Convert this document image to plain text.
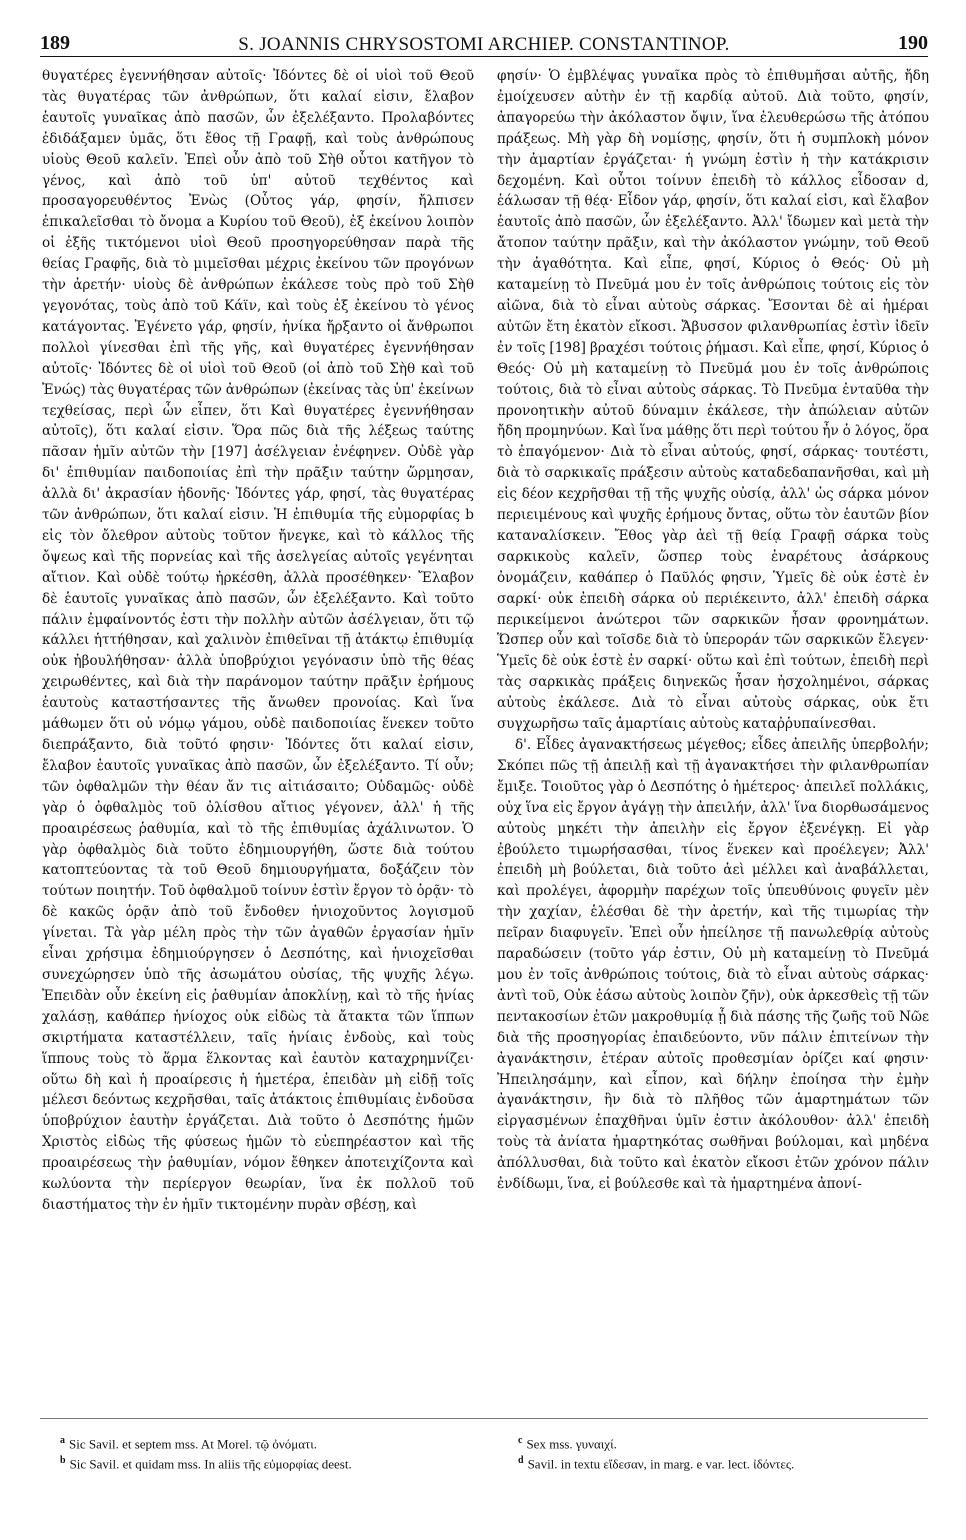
189	S. JOANNIS CHRYSOSTOMI ARCHIEP. CONSTANTINOP.	190

θυγατέρες ἐγεννήθησαν αὐτοῖς· Ἰδόντες δὲ οἱ υἱοὶ τοῦ Θεοῦ τὰς θυγατέρας τῶν ἀνθρώπων, ὅτι καλαί εἰσιν, ἔλαβον ἑαυτοῖς γυναῖκας ἀπὸ πασῶν, ὧν ἐξελέξαντο. Προλαβόντες ἐδιδάξαμεν ὑμᾶς, ὅτι ἔθος τῇ Γραφῇ, καὶ τοὺς ἀνθρώπους υἱοὺς Θεοῦ καλεῖν. Ἐπεὶ οὖν ἀπὸ τοῦ Σὴθ οὗτοι κατῆγον τὸ γένος, καὶ ἀπὸ τοῦ ὑπ' αὐτοῦ τεχθέντος καὶ προσαγορευθέντος Ἐνὼς (Οὗτος γάρ, φησίν, ἤλπισεν ἐπικαλεῖσθαι τὸ ὄνομα a Κυρίου τοῦ Θεοῦ), ἐξ ἐκείνου λοιπὸν οἱ ἐξῆς τικτόμενοι υἱοὶ Θεοῦ προσηγορεύθησαν παρὰ τῆς θείας Γραφῆς, διὰ τὸ μιμεῖσθαι μέχρις ἐκείνου τῶν προγόνων τὴν ἀρετήν· υἱοὺς δὲ ἀνθρώπων ἐκάλεσε τοὺς πρὸ τοῦ Σὴθ γεγονότας, τοὺς ἀπὸ τοῦ Κάϊν, καὶ τοὺς ἐξ ἐκείνου τὸ γένος κατάγοντας. Ἐγένετο γάρ, φησίν, ἡνίκα ἤρξαντο οἱ ἄνθρωποι πολλοὶ γίνεσθαι ἐπὶ τῆς γῆς, καὶ θυγατέρες ἐγεννήθησαν αὐτοῖς· Ἰδόντες δὲ οἱ υἱοὶ τοῦ Θεοῦ (οἱ ἀπὸ τοῦ Σὴθ καὶ τοῦ Ἐνώς) τὰς θυγατέρας τῶν ἀνθρώπων (ἐκείνας τὰς ὑπ' ἐκείνων τεχθείσας, περὶ ὧν εἶπεν, ὅτι Καὶ θυγατέρες ἐγεννήθησαν αὐτοῖς), ὅτι καλαί εἰσιν. Ὅρα πῶς διὰ τῆς λέξεως ταύτης πᾶσαν ἡμῖν αὐτῶν τὴν [197] ἀσέλγειαν ἐνέφηνεν. Οὐδὲ γὰρ δι' ἐπιθυμίαν παιδοποιίας ἐπὶ τὴν πρᾶξιν ταύτην ὥρμησαν, ἀλλὰ δι' ἀκρασίαν ἡδονῆς· Ἰδόντες γάρ, φησί, τὰς θυγατέρας τῶν ἀνθρώπων, ὅτι καλαί εἰσιν. Ἡ ἐπιθυμία τῆς εὐμορφίας b εἰς τὸν ὄλεθρον αὐτοὺς τοῦτον ἤνεγκε, καὶ τὸ κάλλος τῆς ὄψεως καὶ τῆς πορνείας καὶ τῆς ἀσελγείας αὐτοῖς γεγένηται αἴτιον. Καὶ οὐδὲ τούτῳ ἠρκέσθη, ἀλλὰ προσέθηκεν· Ἔλαβον δὲ ἑαυτοῖς γυναῖκας ἀπὸ πασῶν, ὧν ἐξελέξαντο. Καὶ τοῦτο πάλιν ἐμφαίνοντός ἐστι τὴν πολλὴν αὐτῶν ἀσέλγειαν, ὅτι τῷ κάλλει ἡττήθησαν, καὶ χαλινὸν ἐπιθεῖναι τῇ ἀτάκτῳ ἐπιθυμίᾳ οὐκ ἠβουλήθησαν· ἀλλὰ ὑποβρύχιοι γεγόνασιν ὑπὸ τῆς θέας χειρωθέντες, καὶ διὰ τὴν παράνομον ταύτην πρᾶξιν ἐρήμους ἑαυτοὺς καταστήσαντες τῆς ἄνωθεν προνοίας. Καὶ ἵνα μάθωμεν ὅτι οὐ νόμῳ γάμου, οὐδὲ παιδοποιίας ἕνεκεν τοῦτο διεπράξαντο, διὰ τοῦτό φησιν· Ἰδόντες ὅτι καλαί εἰσιν, ἔλαβον ἑαυτοῖς γυναῖκας ἀπὸ πασῶν, ὧν ἐξελέξαντο. Τί οὖν; τῶν ὀφθαλμῶν τὴν θέαν ἄν τις αἰτιάσαιτο; Οὐδαμῶς· οὐδὲ γὰρ ὁ ὀφθαλμὸς τοῦ ὀλίσθου αἴτιος γέγονεν, ἀλλ' ἡ τῆς προαιρέσεως ῥαθυμία, καὶ τὸ τῆς ἐπιθυμίας ἀχάλινωτον. Ὁ γὰρ ὀφθαλμὸς διὰ τοῦτο ἐδημιουργήθη, ὥστε διὰ τούτου κατοπτεύοντας τὰ τοῦ Θεοῦ δημιουργήματα, δοξάζειν τὸν τούτων ποιητήν. Τοῦ ὀφθαλμοῦ τοίνυν ἐστὶν ἔργον τὸ ὁρᾷν· τὸ δὲ κακῶς ὁρᾷν ἀπὸ τοῦ ἔνδοθεν ἡνιοχοῦντος λογισμοῦ γίνεται. Τὰ γὰρ μέλη πρὸς τὴν τῶν ἀγαθῶν ἐργασίαν ἡμῖν εἶναι χρήσιμα ἐδημιούργησεν ὁ Δεσπότης, καὶ ἡνιοχεῖσθαι συνεχώρησεν ὑπὸ τῆς ἀσωμάτου οὐσίας, τῆς ψυχῆς λέγω. Ἐπειδὰν οὖν ἐκείνη εἰς ῥαθυμίαν ἀποκλίνῃ, καὶ τὸ τῆς ἡνίας χαλάσῃ, καθάπερ ἡνίοχος οὐκ εἰδὼς τὰ ἄτακτα τῶν ἵππων σκιρτήματα καταστέλλειν, ταῖς ἡνίαις ἐνδοὺς, καὶ τοὺς ἵππους τοὺς τὸ ἅρμα ἕλκοντας καὶ ἑαυτὸν καταχρημνίζει· οὕτω δὴ καὶ ἡ προαίρεσις ἡ ἡμετέρα, ἐπειδὰν μὴ εἰδῇ τοῖς μέλεσι δεόντως κεχρῆσθαι, ταῖς ἀτάκτοις ἐπιθυμίαις ἐνδοῦσα ὑποβρύχιον ἑαυτὴν ἐργάζεται. Διὰ τοῦτο ὁ Δεσπότης ἡμῶν Χριστὸς εἰδὼς τῆς φύσεως ἡμῶν τὸ εὐεπηρέαστον καὶ τῆς προαιρέσεως τὴν ῥαθυμίαν, νόμον ἔθηκεν ἀποτειχίζοντα καὶ κωλύοντα τὴν περίεργον θεωρίαν, ἵνα ἐκ πολλοῦ τοῦ διαστήματος τὴν ἐν ἡμῖν τικτομένην πυρὰν σβέσῃ, καὶ

φησίν· Ὁ ἐμβλέψας γυναῖκα πρὸς τὸ ἐπιθυμῆσαι αὐτῆς, ἤδη ἐμοίχευσεν αὐτὴν ἐν τῇ καρδίᾳ αὐτοῦ. Διὰ τοῦτο, φησίν, ἀπαγορεύω τὴν ἀκόλαστον ὄψιν, ἵνα ἐλευθερώσω τῆς ἀτόπου πράξεως. Μὴ γὰρ δὴ νομίσῃς, φησίν, ὅτι ἡ συμπλοκὴ μόνον τὴν ἁμαρτίαν ἐργάζεται· ἡ γνώμη ἐστὶν ἡ τὴν κατάκρισιν δεχομένη. Καὶ οὗτοι τοίνυν ἐπειδὴ τὸ κάλλος εἶδοσαν d, ἑάλωσαν τῇ θέᾳ· Εἶδον γάρ, φησίν, ὅτι καλαί εἰσι, καὶ ἔλαβον ἑαυτοῖς ἀπὸ πασῶν, ὧν ἐξελέξαντο. Ἀλλ' ἴδωμεν καὶ μετὰ τὴν ἄτοπον ταύτην πρᾶξιν, καὶ τὴν ἀκόλαστον γνώμην, τοῦ Θεοῦ τὴν ἀγαθότητα. Καὶ εἶπε, φησί, Κύριος ὁ Θεός· Οὐ μὴ καταμείνῃ τὸ Πνεῦμά μου ἐν τοῖς ἀνθρώποις τούτοις εἰς τὸν αἰῶνα, διὰ τὸ εἶναι αὐτοὺς σάρκας. Ἔσονται δὲ αἱ ἡμέραι αὐτῶν ἔτη ἑκατὸν εἴκοσι. Ἄβυσσον φιλανθρωπίας ἐστὶν ἰδεῖν ἐν τοῖς [198] βραχέσι τούτοις ῥήμασι. Καὶ εἶπε, φησί, Κύριος ὁ Θεός· Οὐ μὴ καταμείνῃ τὸ Πνεῦμά μου ἐν τοῖς ἀνθρώποις τούτοις, διὰ τὸ εἶναι αὐτοὺς σάρκας. Τὸ Πνεῦμα ἐνταῦθα τὴν προνοητικὴν αὐτοῦ δύναμιν ἐκάλεσε, τὴν ἀπώλειαν αὐτῶν ἤδη προμηνύων. Καὶ ἵνα μάθῃς ὅτι περὶ τούτου ἦν ὁ λόγος, ὅρα τὸ ἐπαγόμενον· Διὰ τὸ εἶναι αὐτούς, φησί, σάρκας· τουτέστι, διὰ τὸ σαρκικαῖς πράξεσιν αὐτοὺς καταδεδαπανῆσθαι, καὶ μὴ εἰς δέον κεχρῆσθαι τῇ τῆς ψυχῆς οὐσίᾳ, ἀλλ' ὡς σάρκα μόνον περιειμένους καὶ ψυχῆς ἐρήμους ὄντας, οὕτω τὸν ἑαυτῶν βίον καταναλίσκειν. Ἔθος γὰρ ἀεὶ τῇ θείᾳ Γραφῇ σάρκα τοὺς σαρκικοὺς καλεῖν, ὥσπερ τοὺς ἐναρέτους ἀσάρκους ὀνομάζειν, καθάπερ ὁ Παῦλός φησιν, Ὑμεῖς δὲ οὐκ ἐστὲ ἐν σαρκί· οὐκ ἐπειδὴ σάρκα οὐ περιέκειντο, ἀλλ' ἐπειδὴ σάρκα περικείμενοι ἀνώτεροι τῶν σαρκικῶν ἦσαν φρονημάτων. Ὥσπερ οὖν καὶ τοῖσδε διὰ τὸ ὑπεροράν τῶν σαρκικῶν ἔλεγεν· Ὑμεῖς δὲ οὐκ ἐστὲ ἐν σαρκί· οὕτω καὶ ἐπὶ τούτων, ἐπειδὴ περὶ τὰς σαρκικὰς πράξεις διηνεκῶς ἦσαν ἠσχολημένοι, σάρκας αὐτοὺς ἐκάλεσε. Διὰ τὸ εἶναι αὐτοὺς σάρκας, οὐκ ἔτι συγχωρῆσω ταῖς ἁμαρτίαις αὐτοὺς καταῤῥυπαίνεσθαι.

δ'. Εἶδες ἀγανακτήσεως μέγεθος; εἶδες ἀπειλῆς ὑπερβολήν; Σκόπει πῶς τῇ ἀπειλῇ καὶ τῇ ἀγανακτήσει τὴν φιλανθρωπίαν ἔμιξε. Τοιοῦτος γὰρ ὁ Δεσπότης ὁ ἡμέτερος· ἀπειλεῖ πολλάκις, οὐχ ἵνα εἰς ἔργον ἀγάγῃ τὴν ἀπειλήν, ἀλλ' ἵνα διορθωσάμενος αὐτοὺς μηκέτι τὴν ἀπειλὴν εἰς ἔργον ἐξενέγκῃ. Εἰ γὰρ ἐβούλετο τιμωρήσασθαι, τίνος ἕνεκεν καὶ προέλεγεν; Ἀλλ' ἐπειδὴ μὴ βούλεται, διὰ τοῦτο ἀεὶ μέλλει καὶ ἀναβάλλεται, καὶ προλέγει, ἀφορμὴν παρέχων τοῖς ὑπευθύνοις φυγεῖν μὲν τὴν χαχίαν, ἑλέσθαι δὲ τὴν ἀρετήν, καὶ τῆς τιμωρίας τὴν πεῖραν διαφυγεῖν. Ἐπεὶ οὖν ἠπείλησε τῇ πανωλεθρίᾳ αὐτοὺς παραδώσειν (τοῦτο γάρ ἐστιν, Οὐ μὴ καταμείνῃ τὸ Πνεῦμά μου ἐν τοῖς ἀνθρώποις τούτοις, διὰ τὸ εἶναι αὐτοὺς σάρκας· ἀντὶ τοῦ, Οὐκ ἐάσω αὐτοὺς λοιπὸν ζῆν), οὐκ ἀρκεσθεὶς τῇ τῶν πεντακοσίων ἐτῶν μακροθυμίᾳ ᾗ διὰ πάσης τῆς ζωῆς τοῦ Νῶε διὰ τῆς προσηγορίας ἐπαιδεύοντο, νῦν πάλιν ἐπιτείνων τὴν ἀγανάκτησιν, ἑτέραν αὐτοῖς προθεσμίαν ὁρίζει καί φησιν· Ἠπειλησάμην, καὶ εἶπον, καὶ δήλην ἐποίησα τὴν ἐμὴν ἀγανάκτησιν, ἣν διὰ τὸ πλῆθος τῶν ἁμαρτημάτων τῶν εἰργασμένων ἐπαχθῆναι ὑμῖν ἐστιν ἀκόλουθον· ἀλλ' ἐπειδὴ τοὺς τὰ ἀνίατα ἡμαρτηκότας σωθῆναι βούλομαι, καὶ μηδένα ἀπόλλυσθαι, διὰ τοῦτο καὶ ἑκατὸν εἴκοσι ἐτῶν χρόνον πάλιν ἐνδίδωμι, ἵνα, εἰ βούλεσθε καὶ τὰ ἡμαρτημένα ἀπονί-

$^a$ Sic Savil. et septem mss. At Morel. τῷ ὀνόματι.
$^b$ Sic Savil. et quidam mss. In aliis τῆς εὐμορφίας deest.
$^c$ Sex mss. γυναιχί.
$^d$ Savil. in textu εἴδεσαν, in marg. e var. lect. ἰδόντες.
